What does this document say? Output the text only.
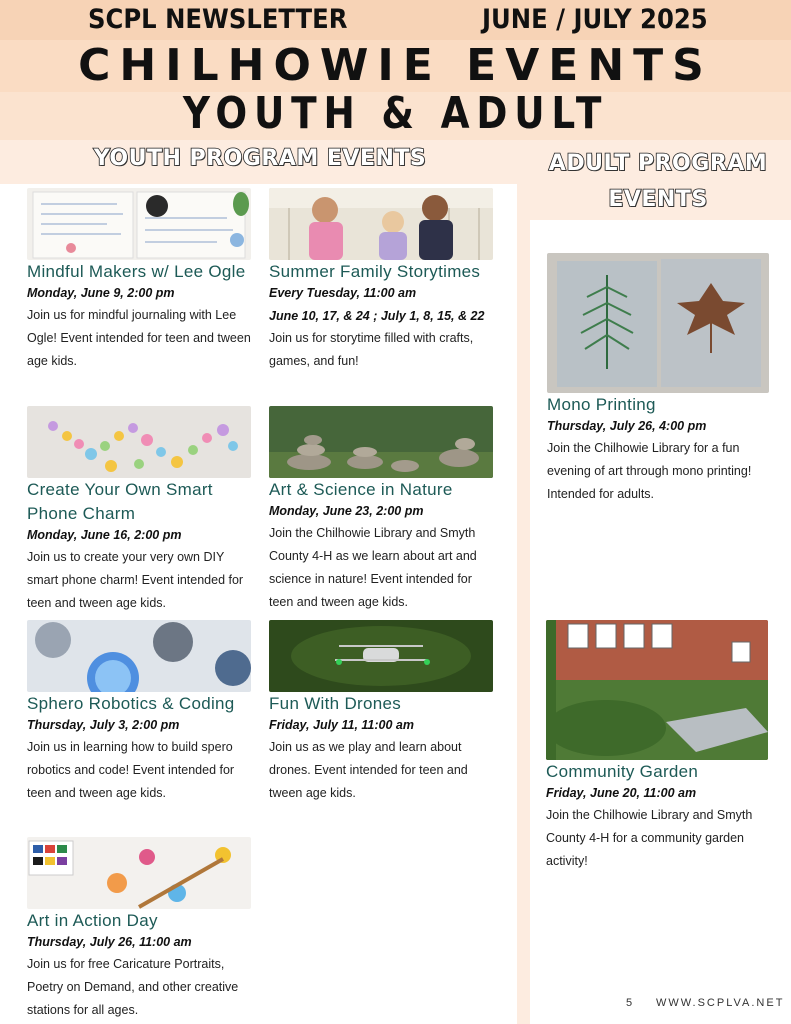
SCPL NEWSLETTER	JUNE / JULY 2025
CHILHOWIE EVENTS
YOUTH & ADULT
YOUTH PROGRAM EVENTS	ADULT PROGRAM EVENTS
Mindful Makers w/ Lee Ogle
Monday, June 9, 2:00 pm
Join us for mindful journaling with Lee Ogle! Event intended for teen and tween age kids.
Summer Family Storytimes
Every Tuesday, 11:00 am
June 10, 17, & 24 ; July 1, 8, 15, & 22
Join us for storytime filled with crafts, games, and fun!
Create Your Own Smart Phone Charm
Monday, June 16, 2:00 pm
Join us to create your very own DIY smart phone charm! Event intended for teen and tween age kids.
Art & Science in Nature
Monday, June 23, 2:00 pm
Join the Chilhowie Library and Smyth County 4-H as we learn about art and science in nature! Event intended for teen and tween age kids.
Sphero Robotics & Coding
Thursday, July 3, 2:00 pm
Join us in learning how to build spero robotics and code! Event intended for teen and tween age kids.
Fun With Drones
Friday, July 11, 11:00 am
Join us as we play and learn about drones. Event intended for teen and tween age kids.
Art in Action Day
Thursday, July 26, 11:00 am
Join us for free Caricature Portraits, Poetry on Demand, and other creative stations for all ages.
Mono Printing
Thursday, July 26, 4:00 pm
Join the Chilhowie Library for a fun evening of art through mono printing! Intended for adults.
Community Garden
Friday, June 20, 11:00 am
Join the Chilhowie Library and Smyth County 4-H for a community garden activity!
5 WWW.SCPLVA.NET
